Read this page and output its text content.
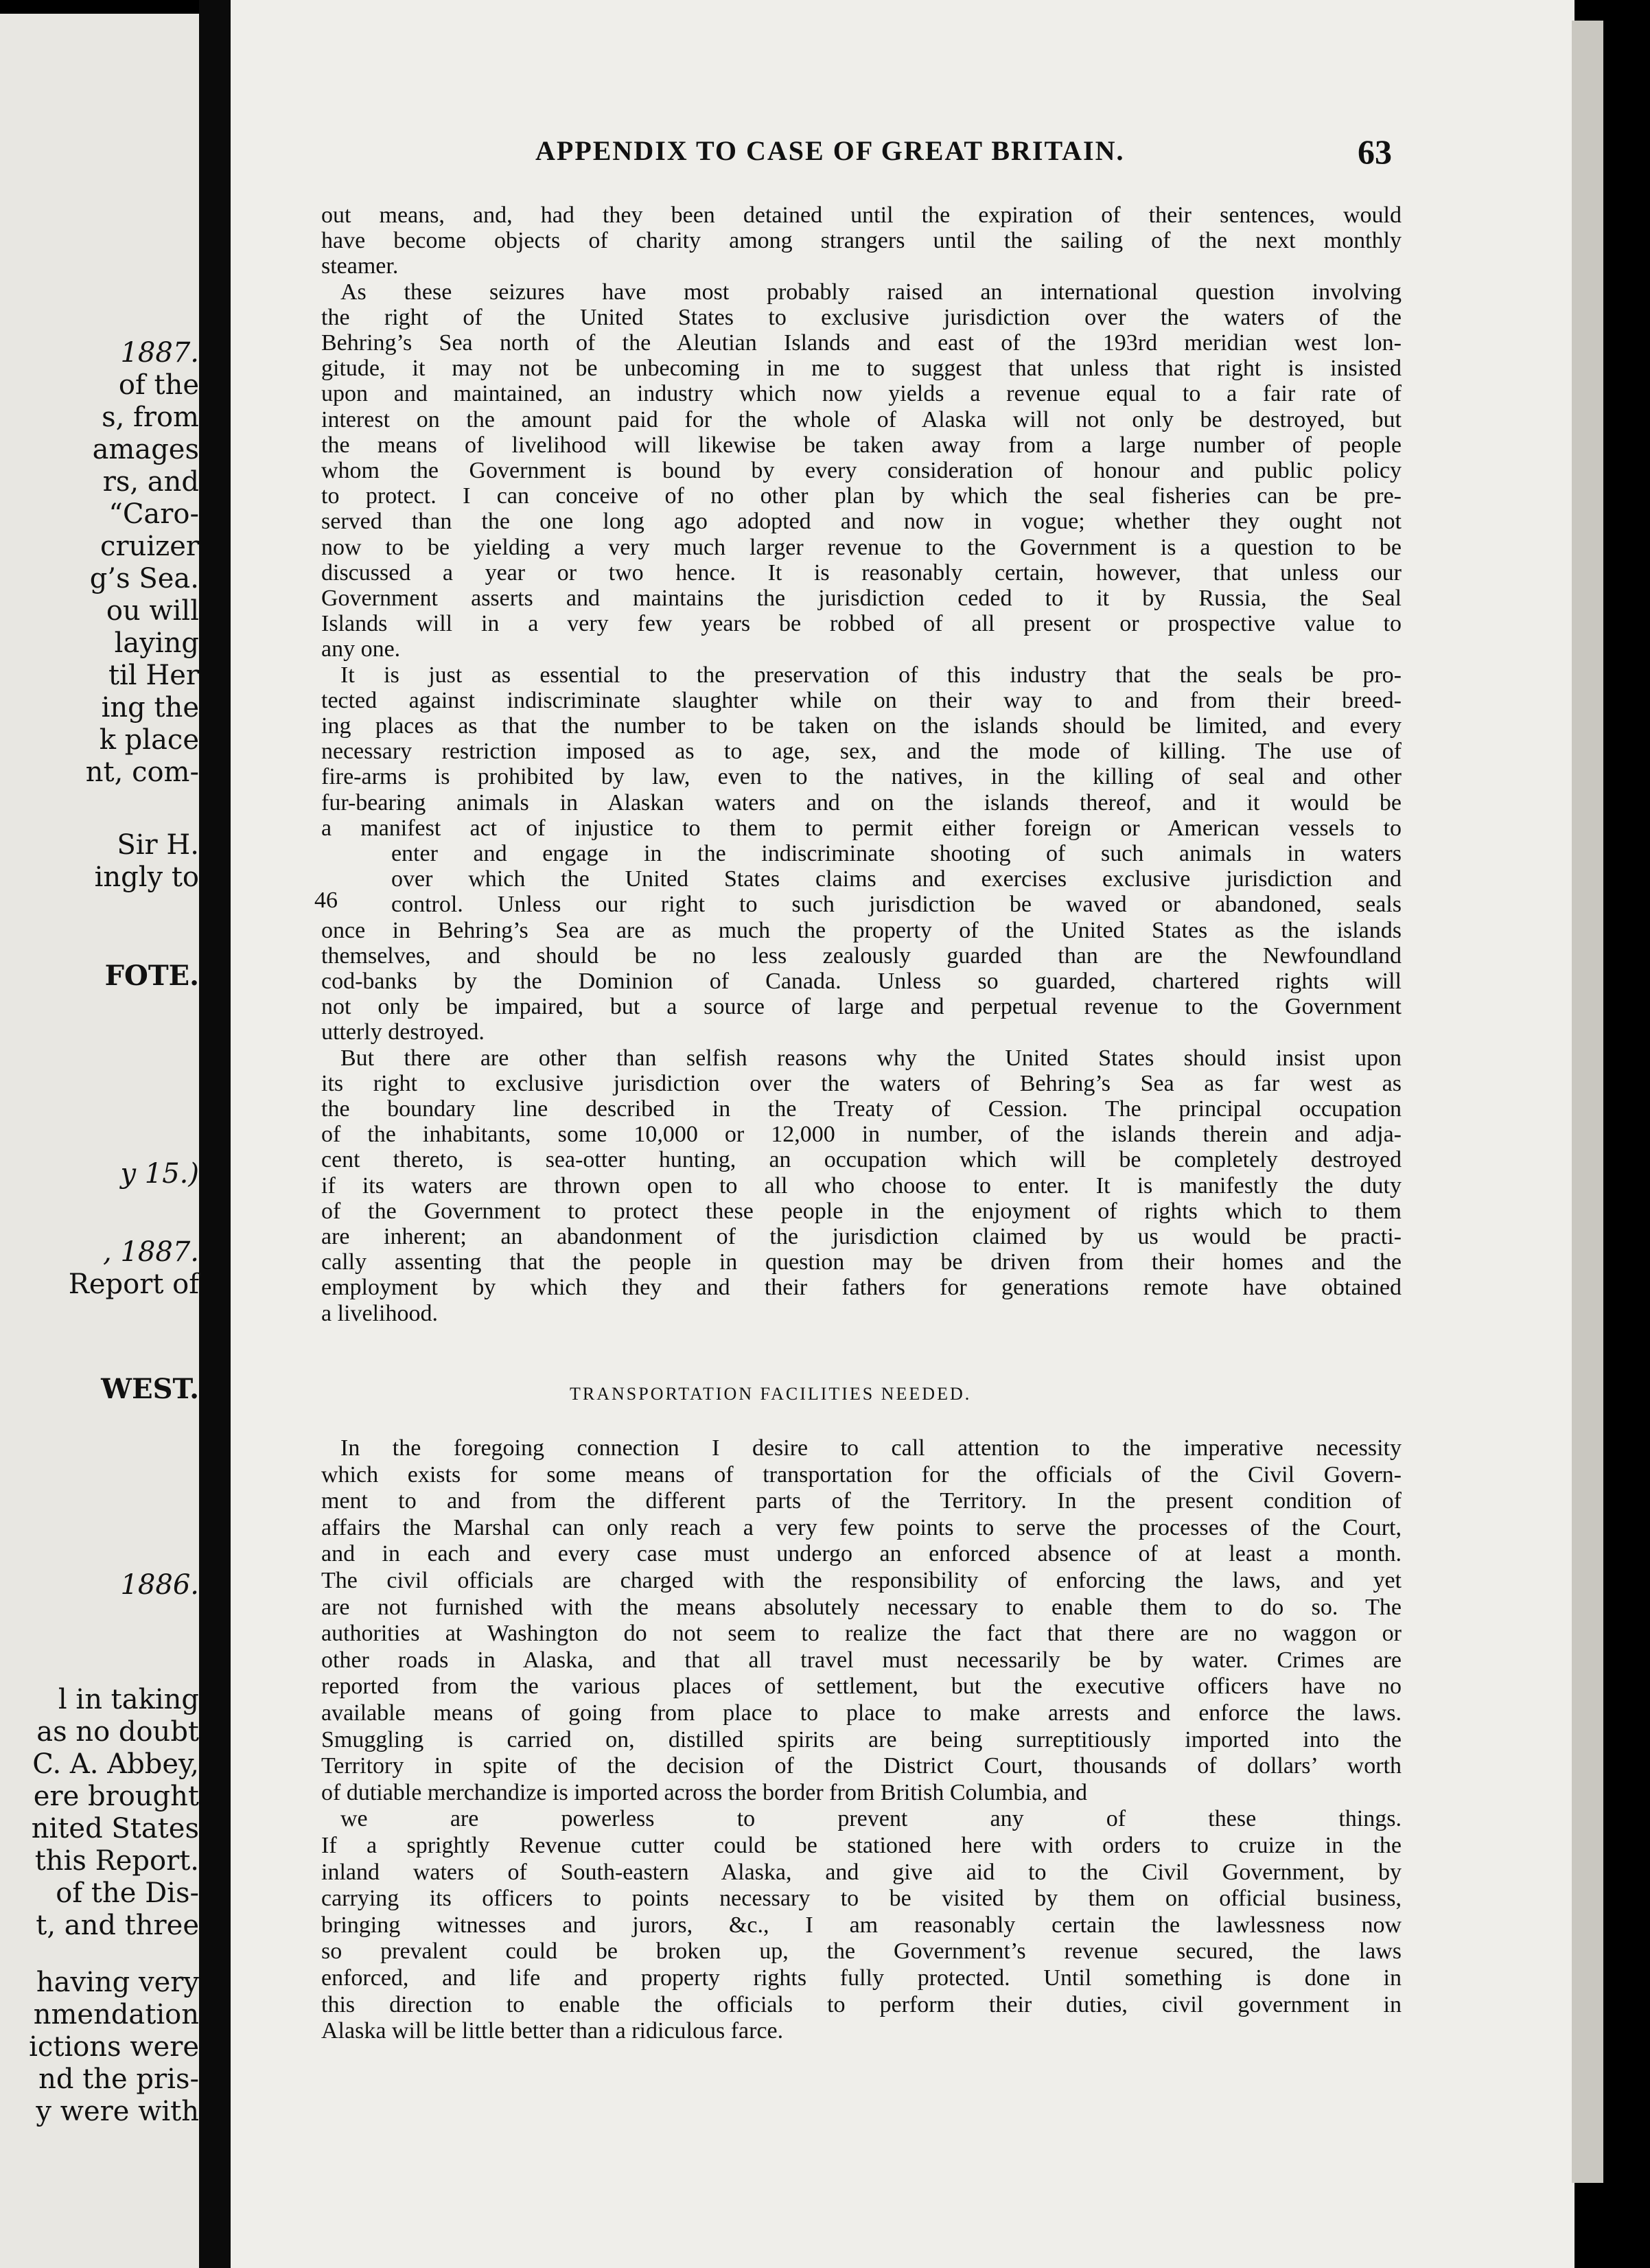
1887.
of the
s, from
amages
rs, and
“Caro-
cruizer
g’s Sea.
ou will
laying
til Her
ing the
k place
nt, com-
Sir H.
ingly to
FOTE.
y 15.)
, 1887.
Report of
WEST.
1886.
l in taking
as no doubt
C. A. Abbey,
ere brought
nited States
this Report.
of the Dis-
t, and three
having very
nmendation
ictions were
nd the pris-
y were with
APPENDIX TO CASE OF GREAT BRITAIN.	63
46
TRANSPORTATION FACILITIES NEEDED.
out means, and, had they been detained until the expiration of their sentences, would
have become objects of charity among strangers until the sailing of the next monthly
steamer.
As these seizures have most probably raised an international question involving
the right of the United States to exclusive jurisdiction over the waters of the
Behring’s Sea north of the Aleutian Islands and east of the 193rd meridian west lon-
gitude, it may not be unbecoming in me to suggest that unless that right is insisted
upon and maintained, an industry which now yields a revenue equal to a fair rate of
interest on the amount paid for the whole of Alaska will not only be destroyed, but
the means of livelihood will likewise be taken away from a large number of people
whom the Government is bound by every consideration of honour and public policy
to protect. I can conceive of no other plan by which the seal fisheries can be pre-
served than the one long ago adopted and now in vogue; whether they ought not
now to be yielding a very much larger revenue to the Government is a question to be
discussed a year or two hence. It is reasonably certain, however, that unless our
Government asserts and maintains the jurisdiction ceded to it by Russia, the Seal
Islands will in a very few years be robbed of all present or prospective value to
any one.
It is just as essential to the preservation of this industry that the seals be pro-
tected against indiscriminate slaughter while on their way to and from their breed-
ing places as that the number to be taken on the islands should be limited, and every
necessary restriction imposed as to age, sex, and the mode of killing. The use of
fire-arms is prohibited by law, even to the natives, in the killing of seal and other
fur-bearing animals in Alaskan waters and on the islands thereof, and it would be
a manifest act of injustice to them to permit either foreign or American vessels to
enter and engage in the indiscriminate shooting of such animals in waters
over which the United States claims and exercises exclusive jurisdiction and
control. Unless our right to such jurisdiction be waved or abandoned, seals
once in Behring’s Sea are as much the property of the United States as the islands
themselves, and should be no less zealously guarded than are the Newfoundland
cod-banks by the Dominion of Canada. Unless so guarded, chartered rights will
not only be impaired, but a source of large and perpetual revenue to the Government
utterly destroyed.
But there are other than selfish reasons why the United States should insist upon
its right to exclusive jurisdiction over the waters of Behring’s Sea as far west as
the boundary line described in the Treaty of Cession. The principal occupation
of the inhabitants, some 10,000 or 12,000 in number, of the islands therein and adja-
cent thereto, is sea-otter hunting, an occupation which will be completely destroyed
if its waters are thrown open to all who choose to enter. It is manifestly the duty
of the Government to protect these people in the enjoyment of rights which to them
are inherent; an abandonment of the jurisdiction claimed by us would be practi-
cally assenting that the people in question may be driven from their homes and the
employment by which they and their fathers for generations remote have obtained
a livelihood.
In the foregoing connection I desire to call attention to the imperative necessity
which exists for some means of transportation for the officials of the Civil Govern-
ment to and from the different parts of the Territory. In the present condition of
affairs the Marshal can only reach a very few points to serve the processes of the Court,
and in each and every case must undergo an enforced absence of at least a month.
The civil officials are charged with the responsibility of enforcing the laws, and yet
are not furnished with the means absolutely necessary to enable them to do so. The
authorities at Washington do not seem to realize the fact that there are no waggon or
other roads in Alaska, and that all travel must necessarily be by water. Crimes are
reported from the various places of settlement, but the executive officers have no
available means of going from place to place to make arrests and enforce the laws.
Smuggling is carried on, distilled spirits are being surreptitiously imported into the
Territory in spite of the decision of the District Court, thousands of dollars’ worth
of dutiable merchandize is imported across the border from British Columbia, and
we are powerless to prevent any of these things.
If a sprightly Revenue cutter could be stationed here with orders to cruize in the
inland waters of South-eastern Alaska, and give aid to the Civil Government, by
carrying its officers to points necessary to be visited by them on official business,
bringing witnesses and jurors, &c., I am reasonably certain the lawlessness now
so prevalent could be broken up, the Government’s revenue secured, the laws
enforced, and life and property rights fully protected. Until something is done in
this direction to enable the officials to perform their duties, civil government in
Alaska will be little better than a ridiculous farce.
